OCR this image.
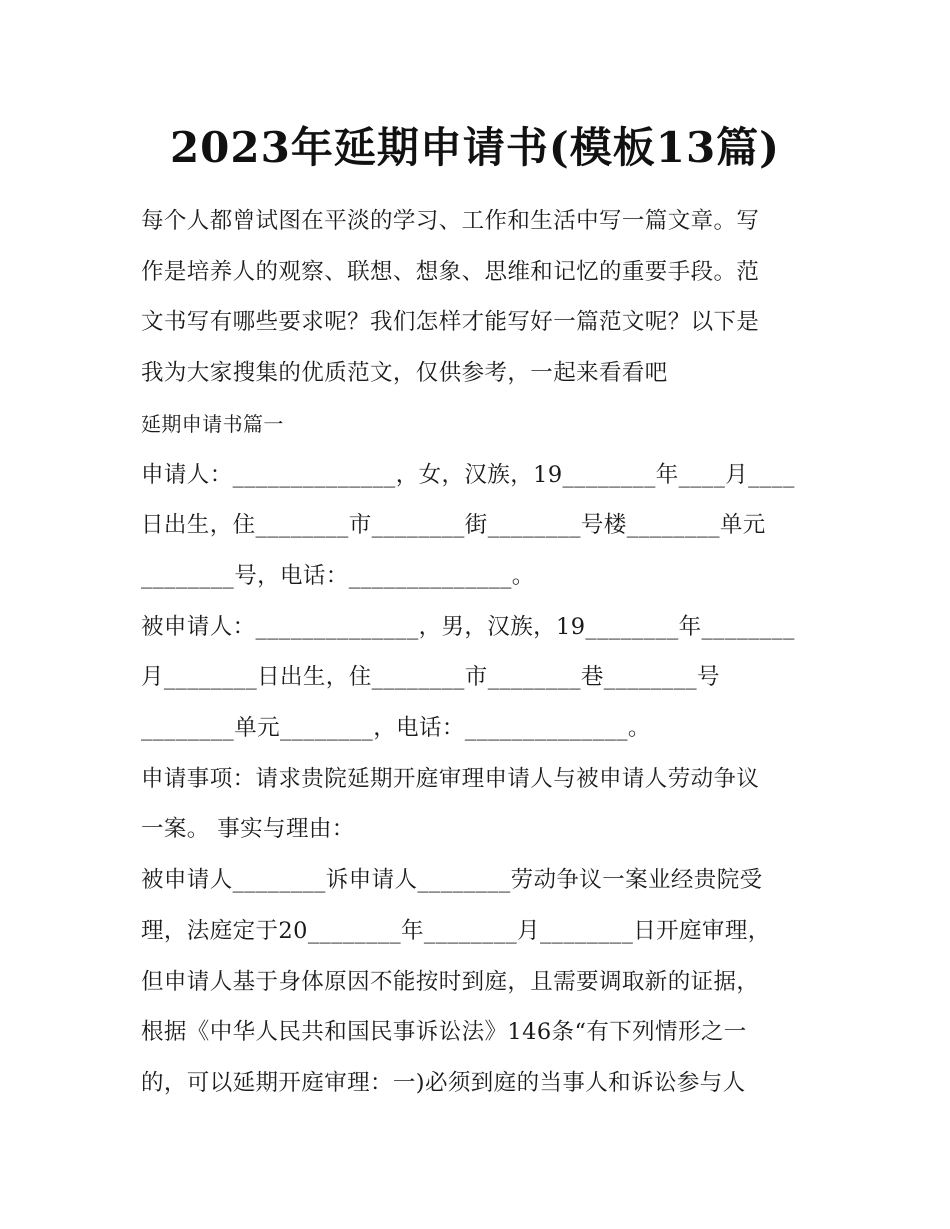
2023年延期申请书(模板13篇)

每个人都曾试图在平淡的学习、工作和生活中写一篇文章。写

作是培养人的观察、联想、想象、思维和记忆的重要手段。范

文书写有哪些要求呢？我们怎样才能写好一篇范文呢？以下是

我为大家搜集的优质范文，仅供参考，一起来看看吧

延期申请书篇一

申请人：______________，女，汉族，19________年____月____

日出生，住________市________街________号楼________单元

________号，电话：______________。

被申请人：______________，男，汉族，19________年________

月________日出生，住________市________巷________号

________单元________，电话：______________。

申请事项：请求贵院延期开庭审理申请人与被申请人劳动争议

一案。 事实与理由：

被申请人________诉申请人________劳动争议一案业经贵院受

理，法庭定于20________年________月________日开庭审理，

但申请人基于身体原因不能按时到庭，且需要调取新的证据，

根据《中华人民共和国民事诉讼法》146条“有下列情形之一

的，可以延期开庭审理：一)必须到庭的当事人和诉讼参与人
